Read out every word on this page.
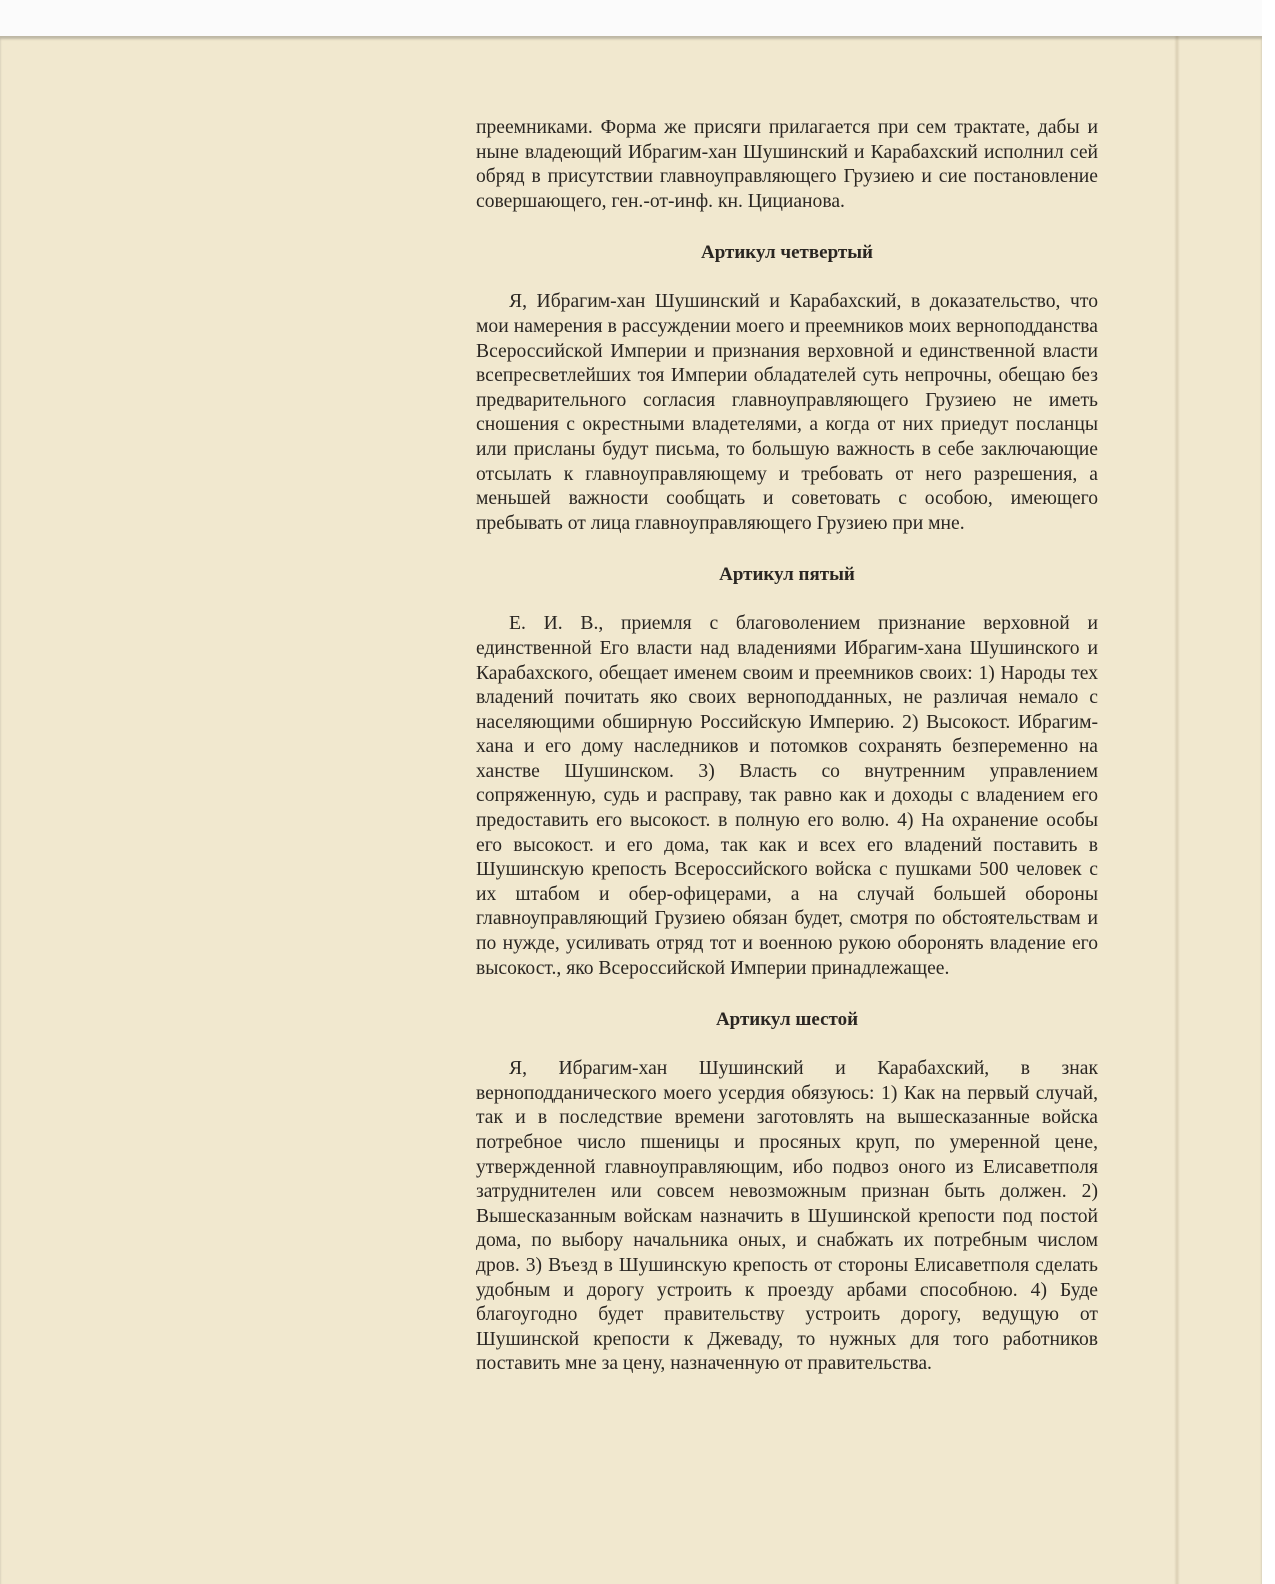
преемниками. Форма же присяги прилагается при сем трактате, дабы и ныне владеющий Ибрагим-хан Шушинский и Карабахский исполнил сей обряд в присутствии главноуправляющего Грузиею и сие постановление совершающего, ген.-от-инф. кн. Цицианова.

Артикул четвертый

Я, Ибрагим-хан Шушинский и Карабахский, в доказательство, что мои намерения в рассуждении моего и преемников моих верноподданства Всероссийской Империи и признания верховной и единственной власти всепресветлейших тоя Империи обладателей суть непрочны, обещаю без предварительного согласия главноуправляющего Грузиею не иметь сношения с окрестными владетелями, а когда от них приедут посланцы или присланы будут письма, то большую важность в себе заключающие отсылать к главноуправляющему и требовать от него разрешения, а меньшей важности сообщать и советовать с особою, имеющего пребывать от лица главноуправляющего Грузиею при мне.

Артикул пятый

Е. И. В., приемля с благоволением признание верховной и единственной Его власти над владениями Ибрагим-хана Шушинского и Карабахского, обещает именем своим и преемников своих: 1) Народы тех владений почитать яко своих верноподданных, не различая немало с населяющими обширную Российскую Империю. 2) Высокост. Ибрагим-хана и его дому наследников и потомков сохранять безпеременно на ханстве Шушинском. 3) Власть со внутренним управлением сопряженную, судь и расправу, так равно как и доходы с владением его предоставить его высокост. в полную его волю. 4) На охранение особы его высокост. и его дома, так как и всех его владений поставить в Шушинскую крепость Всероссийского войска с пушками 500 человек с их штабом и обер-офицерами, а на случай большей обороны главноуправляющий Грузиею обязан будет, смотря по обстоятельствам и по нужде, усиливать отряд тот и военною рукою оборонять владение его высокост., яко Всероссийской Империи принадлежащее.

Артикул шестой

Я, Ибрагим-хан Шушинский и Карабахский, в знак верноподданического моего усердия обязуюсь: 1) Как на первый случай, так и в последствие времени заготовлять на вышесказанные войска потребное число пшеницы и просяных круп, по умеренной цене, утвержденной главноуправляющим, ибо подвоз оного из Елисаветполя затруднителен или совсем невозможным признан быть должен. 2) Вышесказанным войскам назначить в Шушинской крепости под постой дома, по выбору начальника оных, и снабжать их потребным числом дров. 3) Въезд в Шушинскую крепость от стороны Елисаветполя сделать удобным и дорогу устроить к проезду арбами способною. 4) Буде благоугодно будет правительству устроить дорогу, ведущую от Шушинской крепости к Джеваду, то нужных для того работников поставить мне за цену, назначенную от правительства.
